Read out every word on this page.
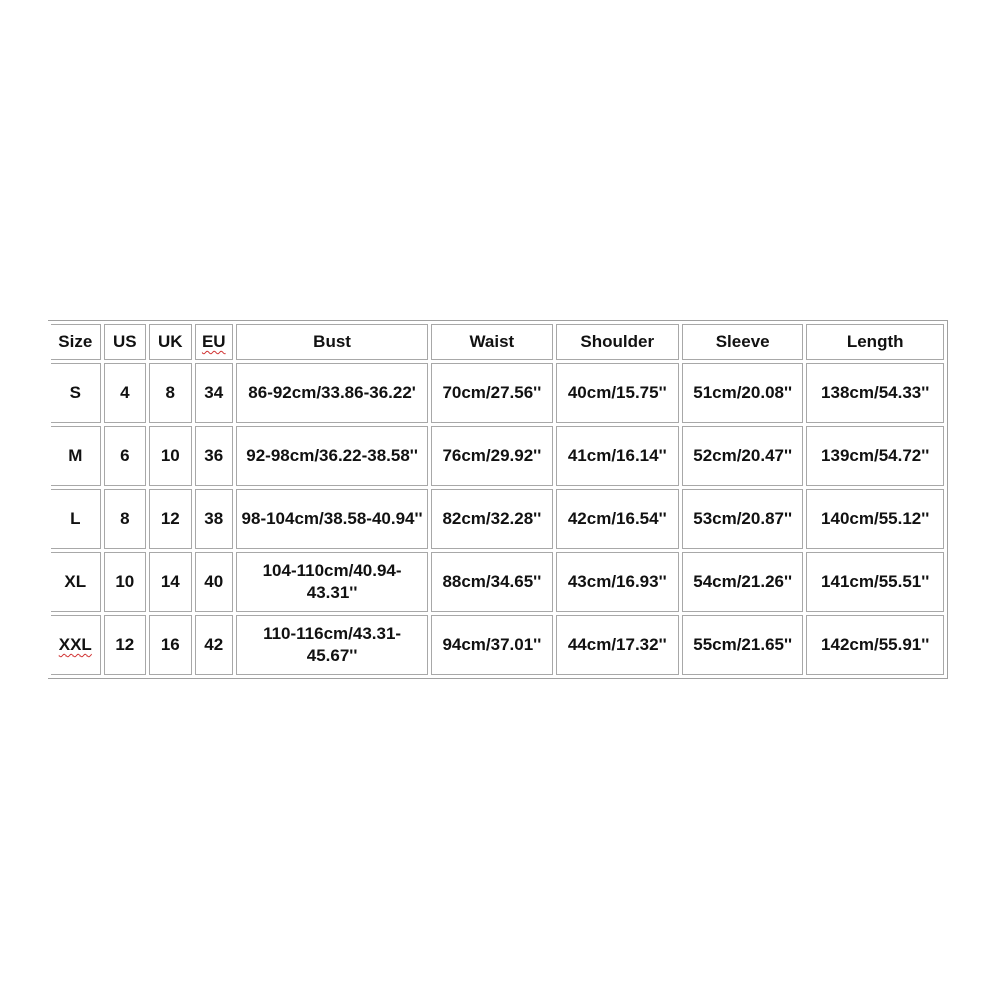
Size	US	UK	EU	Bust	Waist	Shoulder	Sleeve	Length
S	4	8	34	86-92cm/33.86-36.22'	70cm/27.56''	40cm/15.75''	51cm/20.08''	138cm/54.33''
M	6	10	36	92-98cm/36.22-38.58''	76cm/29.92''	41cm/16.14''	52cm/20.47''	139cm/54.72''
L	8	12	38	98-104cm/38.58-40.94''	82cm/32.28''	42cm/16.54''	53cm/20.87''	140cm/55.12''
XL	10	14	40	104-110cm/40.94-43.31''	88cm/34.65''	43cm/16.93''	54cm/21.26''	141cm/55.51''
XXL	12	16	42	110-116cm/43.31-45.67''	94cm/37.01''	44cm/17.32''	55cm/21.65''	142cm/55.91''
